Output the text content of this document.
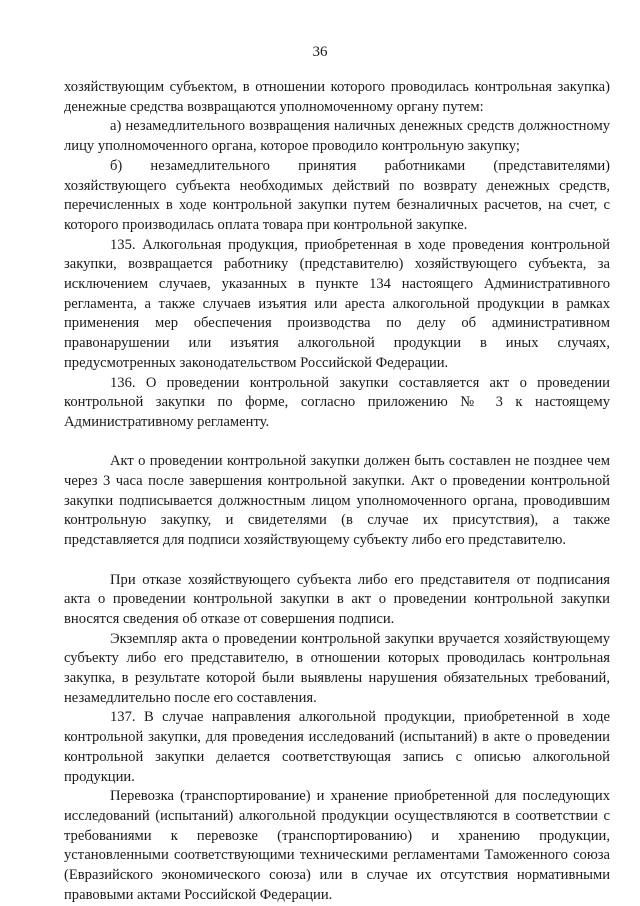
36

хозяйствующим субъектом, в отношении которого проводилась контрольная закупка) денежные средства возвращаются уполномоченному органу путем:

а) незамедлительного возвращения наличных денежных средств должностному лицу уполномоченного органа, которое проводило контрольную закупку;

б) незамедлительного принятия работниками (представителями) хозяйствующего субъекта необходимых действий по возврату денежных средств, перечисленных в ходе контрольной закупки путем безналичных расчетов, на счет, с которого производилась оплата товара при контрольной закупке.

135. Алкогольная продукция, приобретенная в ходе проведения контрольной закупки, возвращается работнику (представителю) хозяйствующего субъекта, за исключением случаев, указанных в пункте 134 настоящего Административного регламента, а также случаев изъятия или ареста алкогольной продукции в рамках применения мер обеспечения производства по делу об административном правонарушении или изъятия алкогольной продукции в иных случаях, предусмотренных законодательством Российской Федерации.

136. О проведении контрольной закупки составляется акт о проведении контрольной закупки по форме, согласно приложению № 3 к настоящему Административному регламенту.

Акт о проведении контрольной закупки должен быть составлен не позднее чем через 3 часа после завершения контрольной закупки. Акт о проведении контрольной закупки подписывается должностным лицом уполномоченного органа, проводившим контрольную закупку, и свидетелями (в случае их присутствия), а также представляется для подписи хозяйствующему субъекту либо его представителю.

При отказе хозяйствующего субъекта либо его представителя от подписания акта о проведении контрольной закупки в акт о проведении контрольной закупки вносятся сведения об отказе от совершения подписи.

Экземпляр акта о проведении контрольной закупки вручается хозяйствующему субъекту либо его представителю, в отношении которых проводилась контрольная закупка, в результате которой были выявлены нарушения обязательных требований, незамедлительно после его составления.

137. В случае направления алкогольной продукции, приобретенной в ходе контрольной закупки, для проведения исследований (испытаний) в акте о проведении контрольной закупки делается соответствующая запись с описью алкогольной продукции.

Перевозка (транспортирование) и хранение приобретенной для последующих исследований (испытаний) алкогольной продукции осуществляются в соответствии с требованиями к перевозке (транспортированию) и хранению продукции, установленными соответствующими техническими регламентами Таможенного союза (Евразийского экономического союза) или в случае их отсутствия нормативными правовыми актами Российской Федерации.
